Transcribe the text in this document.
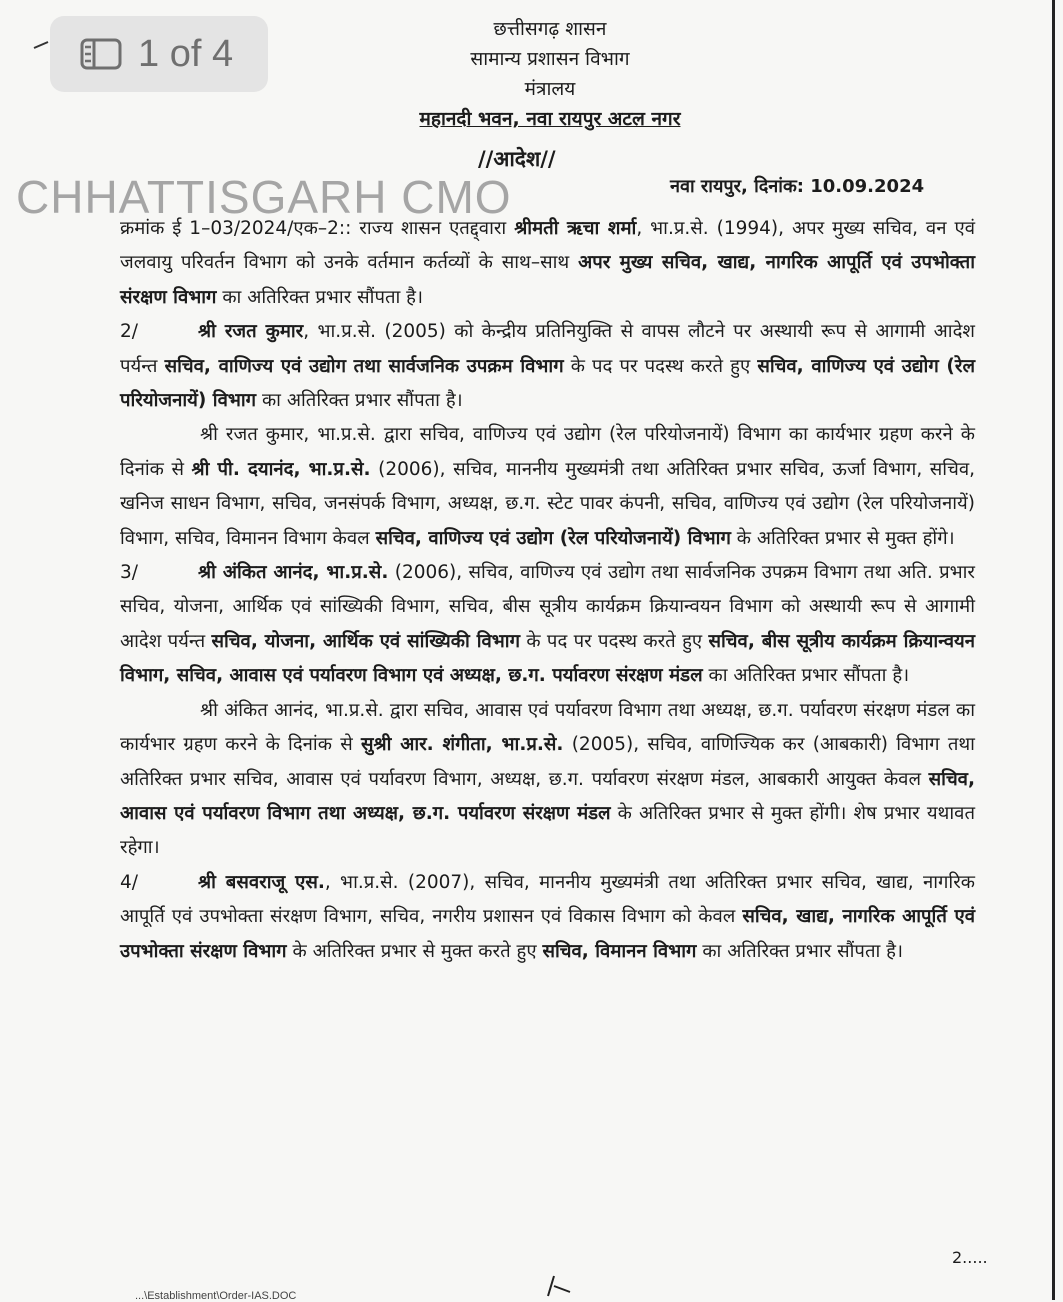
1 of 4
छत्तीसगढ़ शासन
सामान्य प्रशासन विभाग
मंत्रालय
महानदी भवन, नवा रायपुर अटल नगर
//आदेश//
CHHATTISGARH CMO	नवा रायपुर, दिनांक: 10.09.2024

क्रमांक ई 1–03/2024/एक–2:: राज्य शासन एतद्द्वारा श्रीमती ऋचा शर्मा, भा.प्र.से. (1994), अपर मुख्य सचिव, वन एवं जलवायु परिवर्तन विभाग को उनके वर्तमान कर्तव्यों के साथ–साथ अपर मुख्य सचिव, खाद्य, नागरिक आपूर्ति एवं उपभोक्ता संरक्षण विभाग का अतिरिक्त प्रभार सौंपता है।

2/	श्री रजत कुमार, भा.प्र.से. (2005) को केन्द्रीय प्रतिनियुक्ति से वापस लौटने पर अस्थायी रूप से आगामी आदेश पर्यन्त सचिव, वाणिज्य एवं उद्योग तथा सार्वजनिक उपक्रम विभाग के पद पर पदस्थ करते हुए सचिव, वाणिज्य एवं उद्योग (रेल परियोजनायें) विभाग का अतिरिक्त प्रभार सौंपता है।

श्री रजत कुमार, भा.प्र.से. द्वारा सचिव, वाणिज्य एवं उद्योग (रेल परियोजनायें) विभाग का कार्यभार ग्रहण करने के दिनांक से श्री पी. दयानंद, भा.प्र.से. (2006), सचिव, माननीय मुख्यमंत्री तथा अतिरिक्त प्रभार सचिव, ऊर्जा विभाग, सचिव, खनिज साधन विभाग, सचिव, जनसंपर्क विभाग, अध्यक्ष, छ.ग. स्टेट पावर कंपनी, सचिव, वाणिज्य एवं उद्योग (रेल परियोजनायें) विभाग, सचिव, विमानन विभाग केवल सचिव, वाणिज्य एवं उद्योग (रेल परियोजनायें) विभाग के अतिरिक्त प्रभार से मुक्त होंगे।

3/	श्री अंकित आनंद, भा.प्र.से. (2006), सचिव, वाणिज्य एवं उद्योग तथा सार्वजनिक उपक्रम विभाग तथा अति. प्रभार सचिव, योजना, आर्थिक एवं सांख्यिकी विभाग, सचिव, बीस सूत्रीय कार्यक्रम क्रियान्वयन विभाग को अस्थायी रूप से आगामी आदेश पर्यन्त सचिव, योजना, आर्थिक एवं सांख्यिकी विभाग के पद पर पदस्थ करते हुए सचिव, बीस सूत्रीय कार्यक्रम क्रियान्वयन विभाग, सचिव, आवास एवं पर्यावरण विभाग एवं अध्यक्ष, छ.ग. पर्यावरण संरक्षण मंडल का अतिरिक्त प्रभार सौंपता है।

श्री अंकित आनंद, भा.प्र.से. द्वारा सचिव, आवास एवं पर्यावरण विभाग तथा अध्यक्ष, छ.ग. पर्यावरण संरक्षण मंडल का कार्यभार ग्रहण करने के दिनांक से सुश्री आर. शंगीता, भा.प्र.से. (2005), सचिव, वाणिज्यिक कर (आबकारी) विभाग तथा अतिरिक्त प्रभार सचिव, आवास एवं पर्यावरण विभाग, अध्यक्ष, छ.ग. पर्यावरण संरक्षण मंडल, आबकारी आयुक्त केवल सचिव, आवास एवं पर्यावरण विभाग तथा अध्यक्ष, छ.ग. पर्यावरण संरक्षण मंडल के अतिरिक्त प्रभार से मुक्त होंगी। शेष प्रभार यथावत रहेगा।

4/	श्री बसवराजू एस., भा.प्र.से. (2007), सचिव, माननीय मुख्यमंत्री तथा अतिरिक्त प्रभार सचिव, खाद्य, नागरिक आपूर्ति एवं उपभोक्ता संरक्षण विभाग, सचिव, नगरीय प्रशासन एवं विकास विभाग को केवल सचिव, खाद्य, नागरिक आपूर्ति एवं उपभोक्ता संरक्षण विभाग के अतिरिक्त प्रभार से मुक्त करते हुए सचिव, विमानन विभाग का अतिरिक्त प्रभार सौंपता है।

2.....
...\Establishment\Order-IAS.DOC
